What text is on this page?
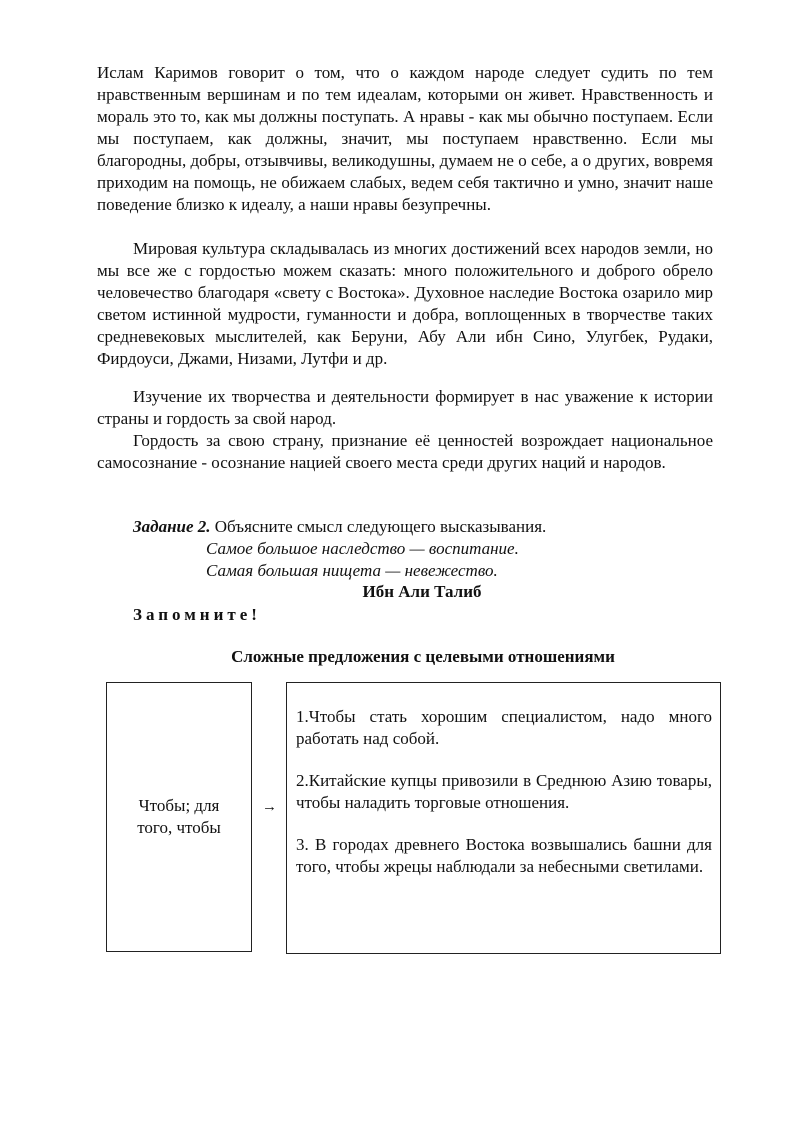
Ислам Каримов говорит о том, что о каждом народе следует судить по тем нравственным вершинам и по тем идеалам, которыми он живет. Нравственность и мораль это то, как мы должны поступать. А нравы - как мы обычно поступаем. Если мы поступаем, как должны, значит, мы поступаем нравственно. Если мы благородны, добры, отзывчивы, великодушны, думаем не о себе, а о других, вовремя приходим на помощь, не обижаем слабых, ведем себя тактично и умно, значит наше поведение близко к идеалу, а наши нравы безупречны.

Мировая культура складывалась из многих достижений всех народов земли, но мы все же с гордостью можем сказать: много положительного и доброго обрело человечество благодаря «свету с Востока». Духовное наследие Востока озарило мир светом истинной мудрости, гуманности и добра, воплощенных в творчестве таких средневековых мыслителей, как Беруни, Абу Али ибн Сино, Улугбек, Рудаки, Фирдоуси, Джами, Низами, Лутфи и др.

Изучение их творчества и деятельности формирует в нас уважение к истории страны и гордость за свой народ.

Гордость за свою страну, признание её ценностей возрождает национальное самосознание - осознание нацией своего места среди других наций и народов.

Задание 2. Объясните смысл следующего высказывания.
Самое большое наследство — воспитание.
Самая большая нищета — невежество.
Ибн Али Талиб
Запомните!
Сложные предложения с целевыми отношениями
Чтобы; для того, чтобы
→

1.Чтобы стать хорошим специалистом, надо много работать над собой.

2.Китайские купцы привозили в Среднюю Азию товары, чтобы наладить торговые отношения.

3. В городах древнего Востока возвышались башни для того, чтобы жрецы наблюдали за небесными светилами.
